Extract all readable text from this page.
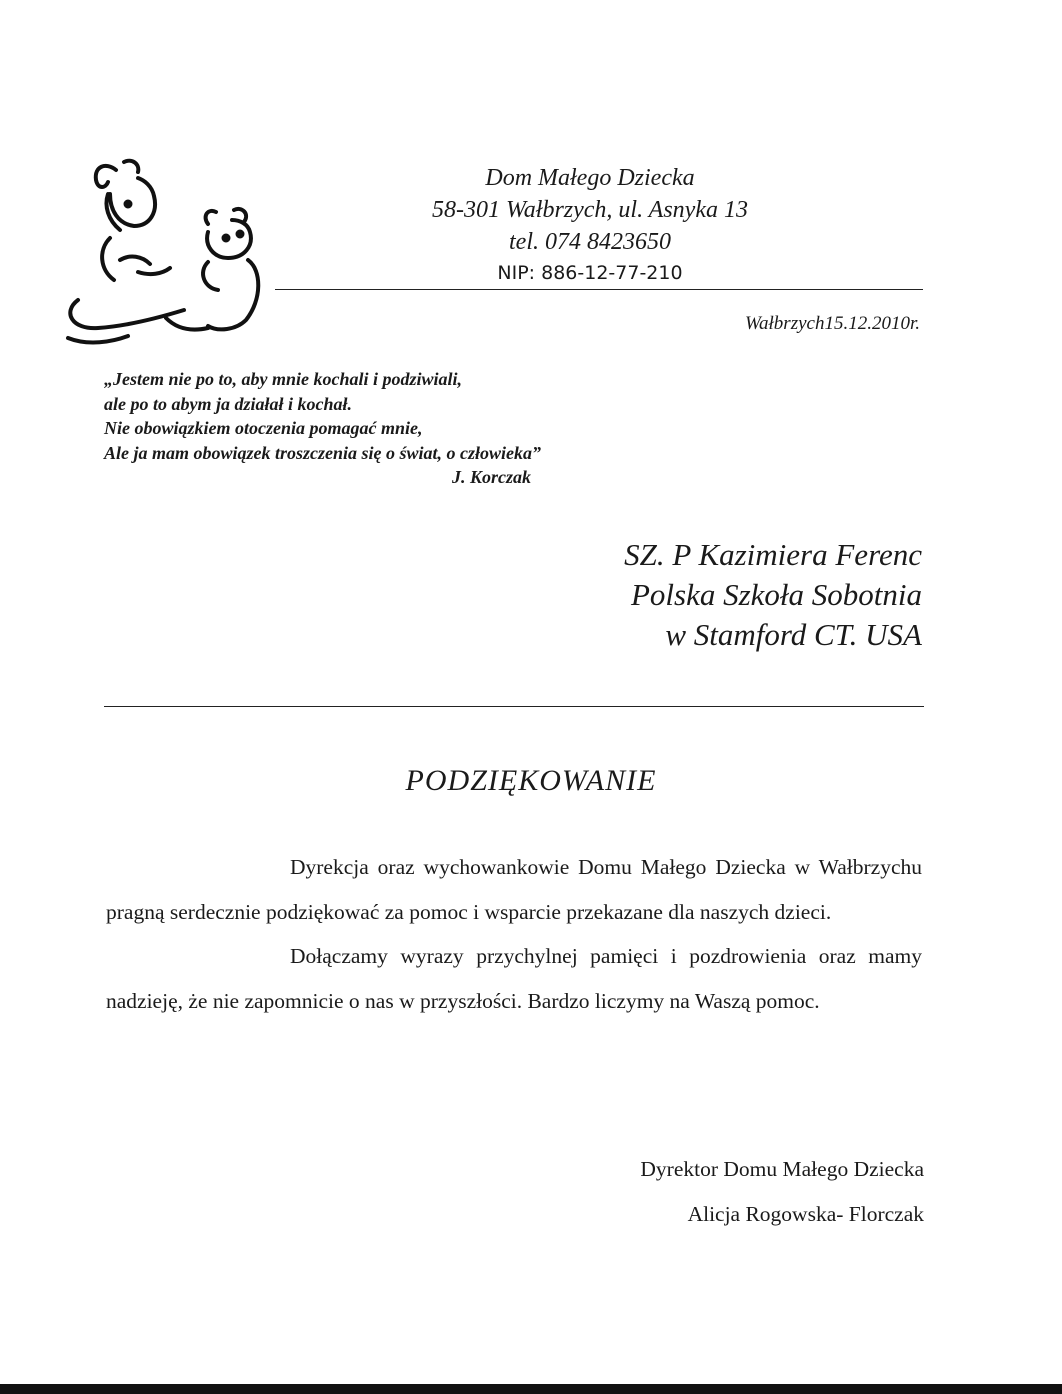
Dom Małego Dziecka
58-301 Wałbrzych, ul. Asnyka 13
tel. 074 8423650
NIP: 886-12-77-210
Wałbrzych15.12.2010r.
„Jestem nie po to, aby mnie kochali i podziwiali,
ale po to abym ja działał i kochał.
Nie obowiązkiem otoczenia pomagać mnie,
Ale ja mam obowiązek troszczenia się o świat, o człowieka”
J. Korczak
SZ. P Kazimiera Ferenc
Polska Szkoła Sobotnia
w Stamford CT. USA
PODZIĘKOWANIE

Dyrekcja oraz wychowankowie Domu Małego Dziecka w Wałbrzychu pragną serdecznie podziękować za pomoc i wsparcie przekazane dla naszych dzieci.

Dołączamy wyrazy przychylnej pamięci i pozdrowienia oraz mamy nadzieję, że nie zapomnicie o nas w przyszłości. Bardzo liczymy na Waszą pomoc.

Dyrektor Domu Małego Dziecka
Alicja Rogowska- Florczak
